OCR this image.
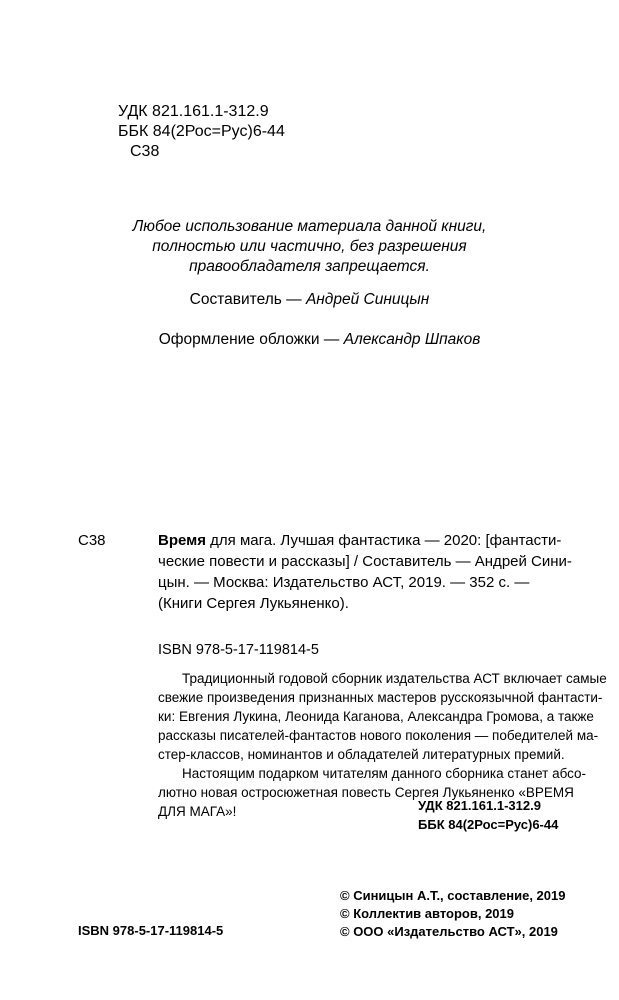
УДК 821.161.1-312.9
ББК 84(2Рос=Рус)6-44
С38
Любое использование материала данной книги,
полностью или частично, без разрешения
правообладателя запрещается.
Составитель — Андрей Синицын
Оформление обложки — Александр Шпаков
С38	Время для мага. Лучшая фантастика — 2020: [фантасти-
ческие повести и рассказы] / Составитель — Андрей Сини-
цын. — Москва: Издательство АСТ, 2019. — 352 с. —
(Книги Сергея Лукьяненко).
ISBN 978-5-17-119814-5
Традиционный годовой сборник издательства АСТ включает самые
свежие произведения признанных мастеров русскоязычной фантасти-
ки: Евгения Лукина, Леонида Каганова, Александра Громова, а также
рассказы писателей-фантастов нового поколения — победителей ма-
стер-классов, номинантов и обладателей литературных премий.
Настоящим подарком читателям данного сборника станет абсо-
лютно новая остросюжетная повесть Сергея Лукьяненко «ВРЕМЯ
ДЛЯ МАГА»!	УДК 821.161.1-312.9
ББК 84(2Рос=Рус)6-44
© Синицын А.Т., составление, 2019
© Коллектив авторов, 2019
© ООО «Издательство АСТ», 2019
ISBN 978-5-17-119814-5
